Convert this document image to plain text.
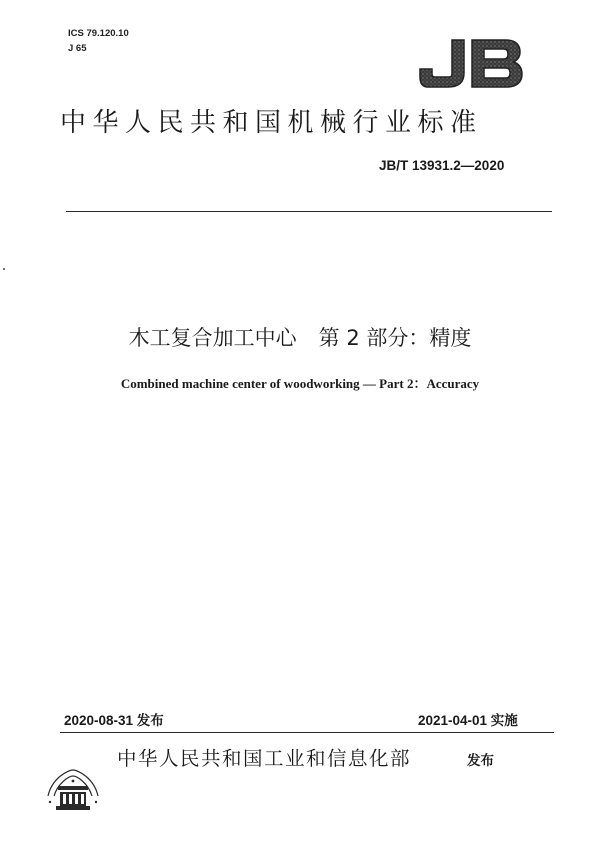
ICS 79.120.10
J 65
中华人民共和国机械行业标准
JB/T 13931.2—2020
木工复合加工中心 第 2 部分：精度
Combined machine center of woodworking — Part 2：Accuracy
2020-08-31 发布	2021-04-01 实施
中华人民共和国工业和信息化部	发布
